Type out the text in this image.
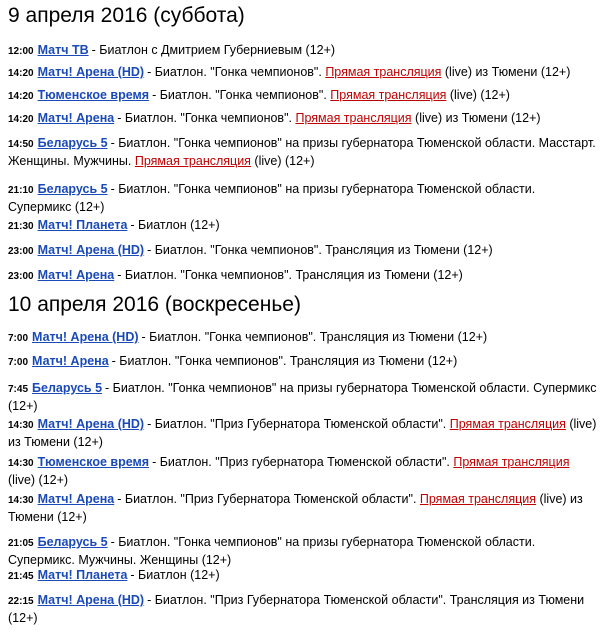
9 апреля 2016 (суббота)
12:00 Матч ТВ - Биатлон с Дмитрием Губерниевым (12+)
14:20 Матч! Арена (HD) - Биатлон. "Гонка чемпионов". Прямая трансляция (live) из Тюмени (12+)
14:20 Тюменское время - Биатлон. "Гонка чемпионов". Прямая трансляция (live) (12+)
14:20 Матч! Арена - Биатлон. "Гонка чемпионов". Прямая трансляция (live) из Тюмени (12+)
14:50 Беларусь 5 - Биатлон. "Гонка чемпионов" на призы губернатора Тюменской области. Масстарт. Женщины. Мужчины. Прямая трансляция (live) (12+)
21:10 Беларусь 5 - Биатлон. "Гонка чемпионов" на призы губернатора Тюменской области. Супермикс (12+)
21:30 Матч! Планета - Биатлон (12+)
23:00 Матч! Арена (HD) - Биатлон. "Гонка чемпионов". Трансляция из Тюмени (12+)
23:00 Матч! Арена - Биатлон. "Гонка чемпионов". Трансляция из Тюмени (12+)
10 апреля 2016 (воскресенье)
7:00 Матч! Арена (HD) - Биатлон. "Гонка чемпионов". Трансляция из Тюмени (12+)
7:00 Матч! Арена - Биатлон. "Гонка чемпионов". Трансляция из Тюмени (12+)
7:45 Беларусь 5 - Биатлон. "Гонка чемпионов" на призы губернатора Тюменской области. Супермикс (12+)
14:30 Матч! Арена (HD) - Биатлон. "Приз Губернатора Тюменской области". Прямая трансляция (live) из Тюмени (12+)
14:30 Тюменское время - Биатлон. "Приз губернатора Тюменской области". Прямая трансляция (live) (12+)
14:30 Матч! Арена - Биатлон. "Приз Губернатора Тюменской области". Прямая трансляция (live) из Тюмени (12+)
21:05 Беларусь 5 - Биатлон. "Гонка чемпионов" на призы губернатора Тюменской области. Супермикс. Мужчины. Женщины (12+)
21:45 Матч! Планета - Биатлон (12+)
22:15 Матч! Арена (HD) - Биатлон. "Приз Губернатора Тюменской области". Трансляция из Тюмени (12+)
